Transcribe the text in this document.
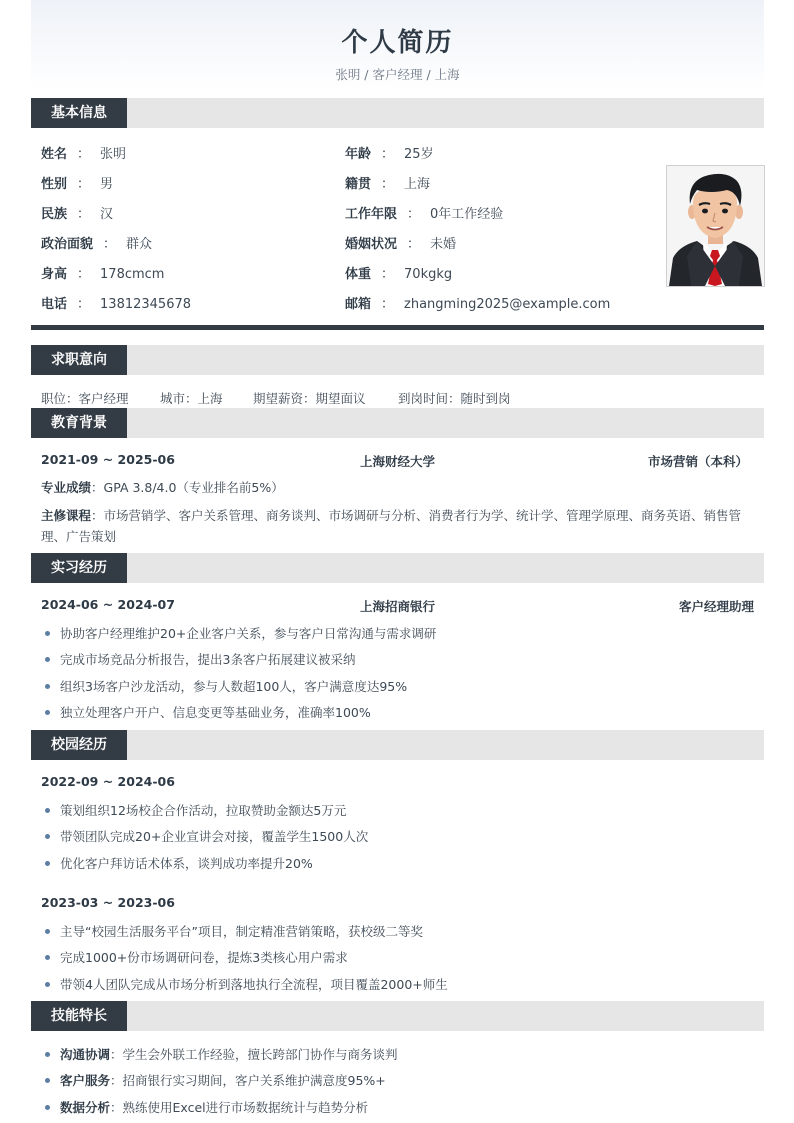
个人简历
张明 / 客户经理 / 上海
基本信息
姓名 ： 张明
性别 ： 男
民族 ： 汉
政治面貌 ： 群众
身高 ： 178cmcm
电话 ： 13812345678
年龄 ： 25岁
籍贯 ： 上海
工作年限 ： 0年工作经验
婚姻状况 ： 未婚
体重 ： 70kgkg
邮箱 ： zhangming2025@example.com
求职意向
职位：客户经理	城市：上海 期望薪资：期望面议	到岗时间：随时到岗
教育背景
2021-09 ~ 2025-06	上海财经大学	市场营销（本科）
专业成绩：GPA 3.8/4.0（专业排名前5%）
主修课程：市场营销学、客户关系管理、商务谈判、市场调研与分析、消费者行为学、统计学、管理学原理、商务英语、销售管理、广告策划
实习经历
2024-06 ~ 2024-07	上海招商银行	客户经理助理
协助客户经理维护20+企业客户关系，参与客户日常沟通与需求调研
完成市场竞品分析报告，提出3条客户拓展建议被采纳
组织3场客户沙龙活动，参与人数超100人，客户满意度达95%
独立处理客户开户、信息变更等基础业务，准确率100%
校园经历
2022-09 ~ 2024-06
策划组织12场校企合作活动，拉取赞助金额达5万元
带领团队完成20+企业宣讲会对接，覆盖学生1500人次
优化客户拜访话术体系，谈判成功率提升20%
2023-03 ~ 2023-06
主导“校园生活服务平台”项目，制定精准营销策略，获校级二等奖
完成1000+份市场调研问卷，提炼3类核心用户需求
带领4人团队完成从市场分析到落地执行全流程，项目覆盖2000+师生
技能特长
沟通协调：学生会外联工作经验，擅长跨部门协作与商务谈判
客户服务：招商银行实习期间，客户关系维护满意度95%+
数据分析：熟练使用Excel进行市场数据统计与趋势分析
